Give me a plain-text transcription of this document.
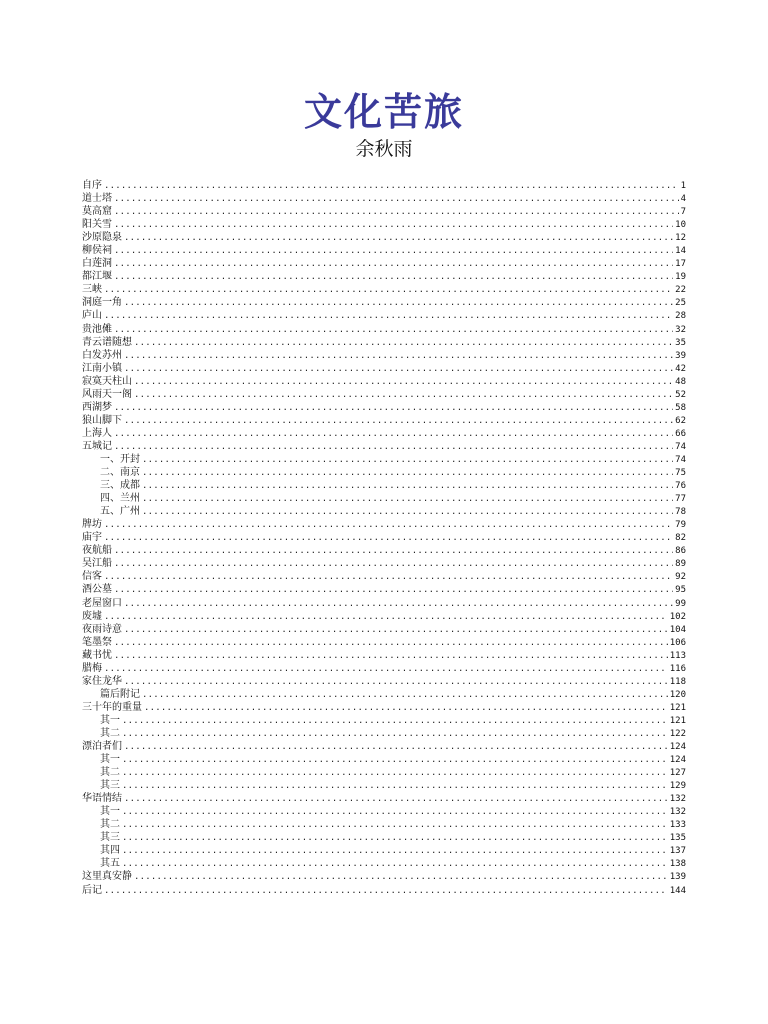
文化苦旅
余秋雨
自序 .....	1
道士塔 .....	4
莫高窟 .....	7
阳关雪 .....	10
沙原隐泉 .....	12
柳侯祠 .....	14
白莲洞 .....	17
都江堰 .....	19
三峡 .....	22
洞庭一角 .....	25
庐山 .....	28
贵池傩 .....	32
青云谱随想 .....	35
白发苏州 .....	39
江南小镇 .....	42
寂寞天柱山 .....	48
风雨天一阁 .....	52
西湖梦 .....	58
狼山脚下 .....	62
上海人 .....	66
五城记 .....	74
一、开封 .....	74
二、南京 .....	75
三、成都 .....	76
四、兰州 .....	77
五、广州 .....	78
牌坊 .....	79
庙宇 .....	82
夜航船 .....	86
吴江船 .....	89
信客 .....	92
酒公墓 .....	95
老屋窗口 .....	99
废墟 .....	102
夜雨诗意 .....	104
笔墨祭 .....	106
藏书忧 .....	113
腊梅 .....	116
家住龙华 .....	118
篇后附记 .....	120
三十年的重量 .....	121
其一 .....	121
其二 .....	122
漂泊者们 .....	124
其一 .....	124
其二 .....	127
其三 .....	129
华语情结 .....	132
其一 .....	132
其二 .....	133
其三 .....	135
其四 .....	137
其五 .....	138
这里真安静 .....	139
后记 .....	144
